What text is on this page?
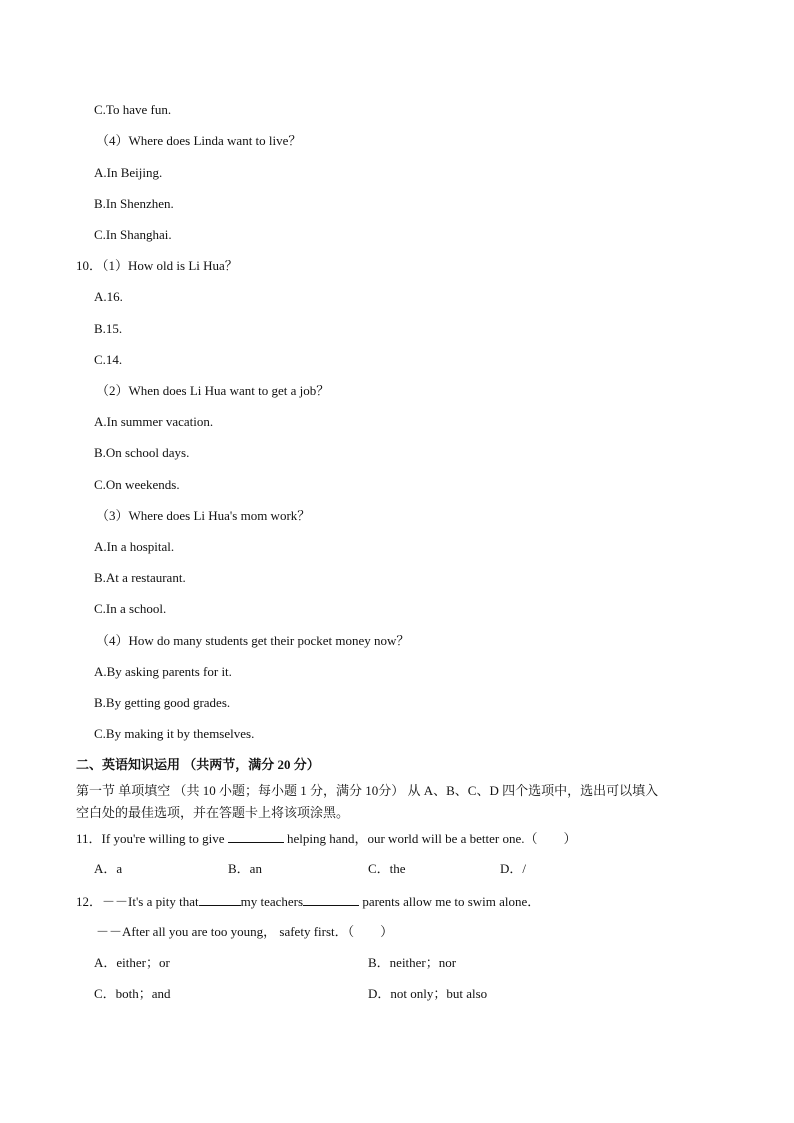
C.To have fun.
（4）Where does Linda want to live？
A.In Beijing.
B.In Shenzhen.
C.In Shanghai.
10．（1）How old is Li Hua？
A.16.
B.15.
C.14.
（2）When does Li Hua want to get a job？
A.In summer vacation.
B.On school days.
C.On weekends.
（3）Where does Li Hua's mom work？
A.In a hospital.
B.At a restaurant.
C.In a school.
（4）How do many students get their pocket money now？
A.By asking parents for it.
B.By getting good grades.
C.By making it by themselves.
二、英语知识运用 （共两节，满分 20 分）
第一节 单项填空 （共 10 小题；每小题 1 分，满分 10分） 从 A、B、C、D 四个选项中，选出可以填入
空白处的最佳选项，并在答题卡上将该项涂黑。
11．If you're willing to give	helping hand，our world will be a better one.（　　）
A．a	B．an	C．the	D．/
12．－－It's a pity that	my teachers	parents allow me to swim alone．
－－After all you are too young， safety first．（　　）
A．either；or	B．neither；nor
C．both；and	D．not only；but also
